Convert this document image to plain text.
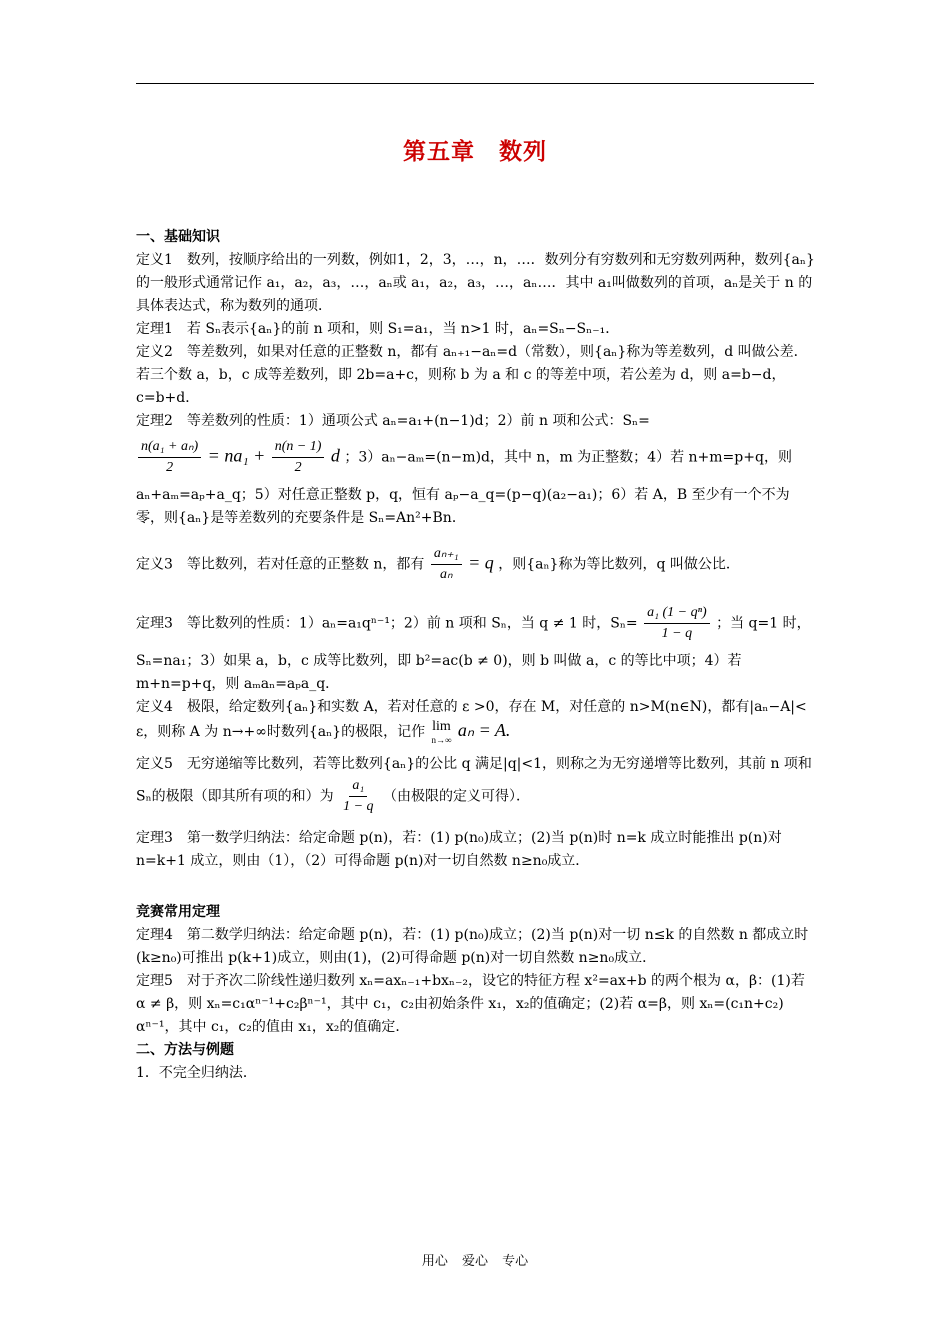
第五章　数列

一、基础知识

定义1　数列，按顺序给出的一列数，例如1，2，3，…，n，…．数列分有穷数列和无穷数列两种，数列{aₙ}的一般形式通常记作 a₁，a₂，a₃，…，aₙ或 a₁，a₂，a₃，…，aₙ…．其中 a₁叫做数列的首项，aₙ是关于 n 的具体表达式，称为数列的通项．

定理1　若 Sₙ表示{aₙ}的前 n 项和，则 S₁=a₁，当 n>1 时，aₙ=Sₙ−Sₙ₋₁．

定义2　等差数列，如果对任意的正整数 n，都有 aₙ₊₁−aₙ=d（常数），则{aₙ}称为等差数列，d 叫做公差．若三个数 a，b，c 成等差数列，即 2b=a+c，则称 b 为 a 和 c 的等差中项，若公差为 d，则 a=b−d，c=b+d．

定理2　等差数列的性质：1）通项公式 aₙ=a₁+(n−1)d；2）前 n 项和公式：Sₙ=

$\frac{\text{n(a₁ + aₙ)}}{2} = na_1 + \frac{n(n - 1)}{2}$ d ；3）aₙ−aₘ=(n−m)d，其中 n，m 为正整数；4）若 n+m=p+q，则

aₙ+aₘ=aₚ+a_q；5）对任意正整数 p，q，恒有 aₚ−a_q=(p−q)(a₂−a₁)；6）若 A，B 至少有一个不为零，则{aₙ}是等差数列的充要条件是 Sₙ=An²+Bn．

定义3　等比数列，若对任意的正整数 n，都有 $\frac{\text{aₙ₊₁}}{\text{aₙ}} = q$ ，则{aₙ}称为等比数列，q 叫做公比．

定理3　等比数列的性质：1）aₙ=a₁qⁿ⁻¹；2）前 n 项和 Sₙ，当 q ≠ 1 时，$S_n= \frac{\text{a₁ (1 − qⁿ)}}{1 - q}$ ；当 q=1 时，

Sₙ=na₁；3）如果 a，b，c 成等比数列，即 b²=ac(b ≠ 0)，则 b 叫做 a，c 的等比中项；4）若 m+n=p+q，则 aₘaₙ=aₚa_q．

定义4　极限，给定数列{aₙ}和实数 A，若对任意的 ε >0，存在 M，对任意的 n>M(n∈N)，都有|aₙ−A|< ε，则称 A 为 n→+∞时数列{aₙ}的极限，记作 lim
n→∞ aₙ = A.

定义5　无穷递缩等比数列，若等比数列{aₙ}的公比 q 满足|q|<1，则称之为无穷递增等比数列，其前 n 项和 Sₙ的极限（即其所有项的和）为 $\frac{\text{a₁}}{1 - q}$ （由极限的定义可得）．

定理3　第一数学归纳法：给定命题 p(n)，若：(1) p(n₀)成立；(2)当 p(n)时 n=k 成立时能推出 p(n)对 n=k+1 成立，则由（1），（2）可得命题 p(n)对一切自然数 n≥n₀成立．

竞赛常用定理

定理4　第二数学归纳法：给定命题 p(n)，若：(1) p(n₀)成立；(2)当 p(n)对一切 n≤k 的自然数 n 都成立时(k≥n₀)可推出 p(k+1)成立，则由(1)，(2)可得命题 p(n)对一切自然数 n≥n₀成立．

定理5　对于齐次二阶线性递归数列 xₙ=axₙ₋₁+bxₙ₋₂，设它的特征方程 x²=ax+b 的两个根为 α，β：(1)若 α ≠ β，则 xₙ=c₁αⁿ⁻¹+c₂βⁿ⁻¹，其中 c₁，c₂由初始条件 x₁，x₂的值确定；(2)若 α=β，则 xₙ=(c₁n+c₂) αⁿ⁻¹，其中 c₁，c₂的值由 x₁，x₂的值确定．

二、方法与例题

1．不完全归纳法．

用心 爱心 专心
